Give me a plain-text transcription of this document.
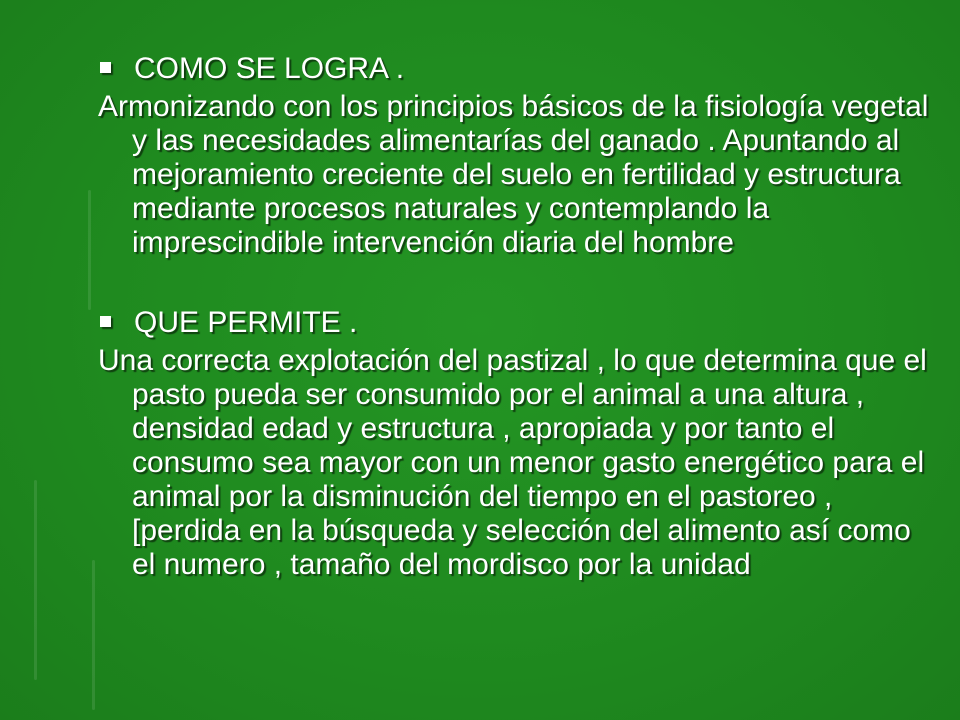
COMO SE LOGRA .

Armonizando con los principios básicos de la fisiología vegetal y las necesidades alimentarías del ganado . Apuntando al mejoramiento creciente del suelo en fertilidad y estructura mediante procesos naturales y contemplando la imprescindible intervención diaria del hombre

QUE PERMITE .

Una correcta explotación del pastizal , lo que determina que el pasto pueda ser consumido por el animal a una altura , densidad edad y estructura , apropiada y por tanto el consumo sea mayor con un menor gasto energético para el animal por la disminución del tiempo en el pastoreo ,[perdida en la búsqueda y selección del alimento así como el numero , tamaño del mordisco por la unidad
